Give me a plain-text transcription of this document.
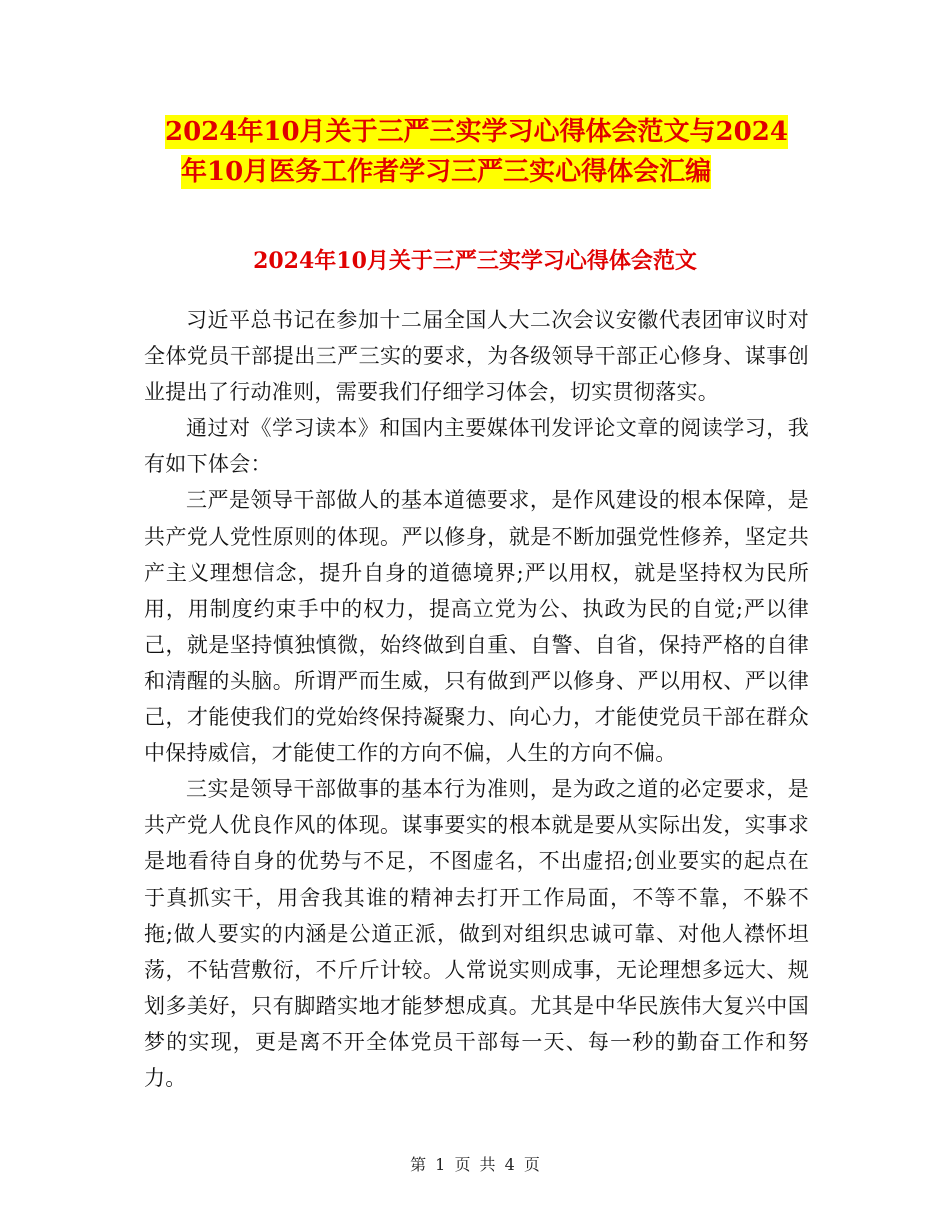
2024年10月关于三严三实学习心得体会范文与2024
年10月医务工作者学习三严三实心得体会汇编
2024年10月关于三严三实学习心得体会范文

习近平总书记在参加十二届全国人大二次会议安徽代表团审议时对全体党员干部提出三严三实的要求，为各级领导干部正心修身、谋事创业提出了行动准则，需要我们仔细学习体会，切实贯彻落实。

通过对《学习读本》和国内主要媒体刊发评论文章的阅读学习，我有如下体会：

三严是领导干部做人的基本道德要求，是作风建设的根本保障，是共产党人党性原则的体现。严以修身，就是不断加强党性修养，坚定共产主义理想信念，提升自身的道德境界;严以用权，就是坚持权为民所用，用制度约束手中的权力，提高立党为公、执政为民的自觉;严以律己，就是坚持慎独慎微，始终做到自重、自警、自省，保持严格的自律和清醒的头脑。所谓严而生威，只有做到严以修身、严以用权、严以律己，才能使我们的党始终保持凝聚力、向心力，才能使党员干部在群众中保持威信，才能使工作的方向不偏，人生的方向不偏。

三实是领导干部做事的基本行为准则，是为政之道的必定要求，是共产党人优良作风的体现。谋事要实的根本就是要从实际出发，实事求是地看待自身的优势与不足，不图虚名，不出虚招;创业要实的起点在于真抓实干，用舍我其谁的精神去打开工作局面，不等不靠，不躲不拖;做人要实的内涵是公道正派，做到对组织忠诚可靠、对他人襟怀坦荡，不钻营敷衍，不斤斤计较。人常说实则成事，无论理想多远大、规划多美好，只有脚踏实地才能梦想成真。尤其是中华民族伟大复兴中国梦的实现，更是离不开全体党员干部每一天、每一秒的勤奋工作和努力。

第 1 页 共 4 页
